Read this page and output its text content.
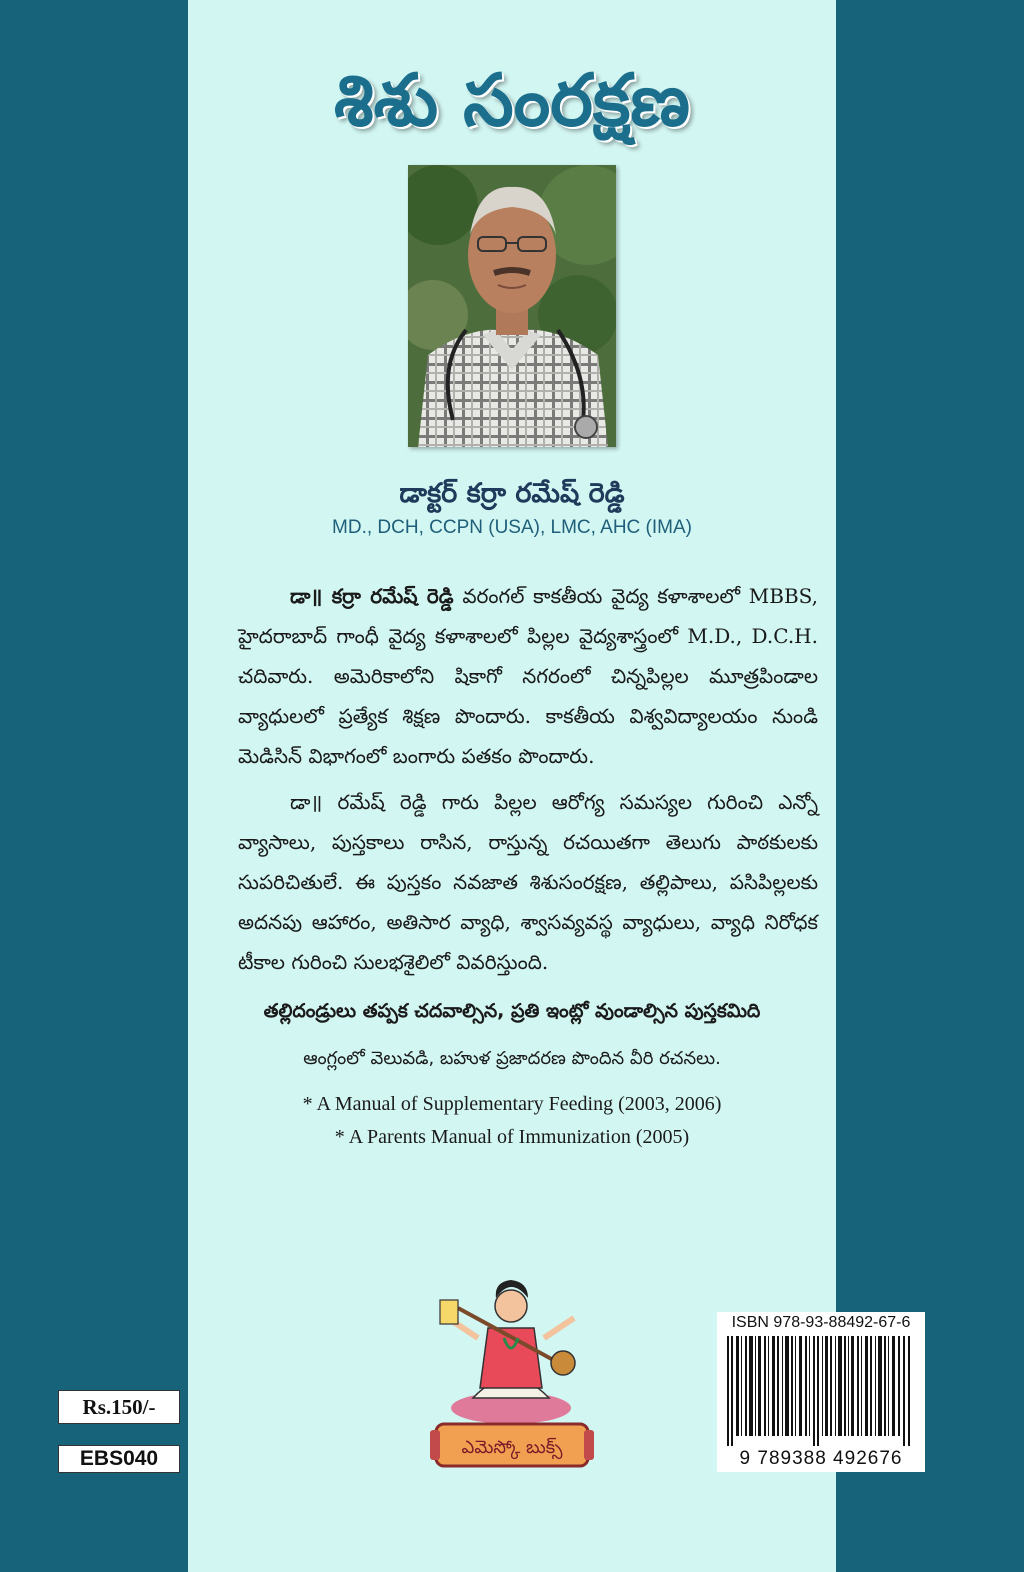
శిశు సంరక్షణ
డాక్టర్ కర్రా రమేష్ రెడ్డి
MD., DCH, CCPN (USA), LMC, AHC (IMA)

డా॥ కర్రా రమేష్ రెడ్డి వరంగల్ కాకతీయ వైద్య కళాశాలలో MBBS, హైదరాబాద్ గాంధీ వైద్య కళాశాలలో పిల్లల వైద్యశాస్త్రంలో M.D., D.C.H. చదివారు. అమెరికాలోని షికాగో నగరంలో చిన్నపిల్లల మూత్రపిండాల వ్యాధులలో ప్రత్యేక శిక్షణ పొందారు. కాకతీయ విశ్వవిద్యాలయం నుండి మెడిసిన్ విభాగంలో బంగారు పతకం పొందారు.

డా॥ రమేష్ రెడ్డి గారు పిల్లల ఆరోగ్య సమస్యల గురించి ఎన్నో వ్యాసాలు, పుస్తకాలు రాసిన, రాస్తున్న రచయితగా తెలుగు పాఠకులకు సుపరిచితులే. ఈ పుస్తకం నవజాత శిశుసంరక్షణ, తల్లిపాలు, పసిపిల్లలకు అదనపు ఆహారం, అతిసార వ్యాధి, శ్వాసవ్యవస్థ వ్యాధులు, వ్యాధి నిరోధక టీకాల గురించి సులభశైలిలో వివరిస్తుంది.

తల్లిదండ్రులు తప్పక చదవాల్సిన, ప్రతి ఇంట్లో వుండాల్సిన పుస్తకమిది
ఆంగ్లంలో వెలువడి, బహుళ ప్రజాదరణ పొందిన వీరి రచనలు.
* A Manual of Supplementary Feeding (2003, 2006)
* A Parents Manual of Immunization (2005)
ఎమెస్కో బుక్స్
Rs.150/-
EBS040
ISBN 978-93-88492-67-6
9 789388 492676
